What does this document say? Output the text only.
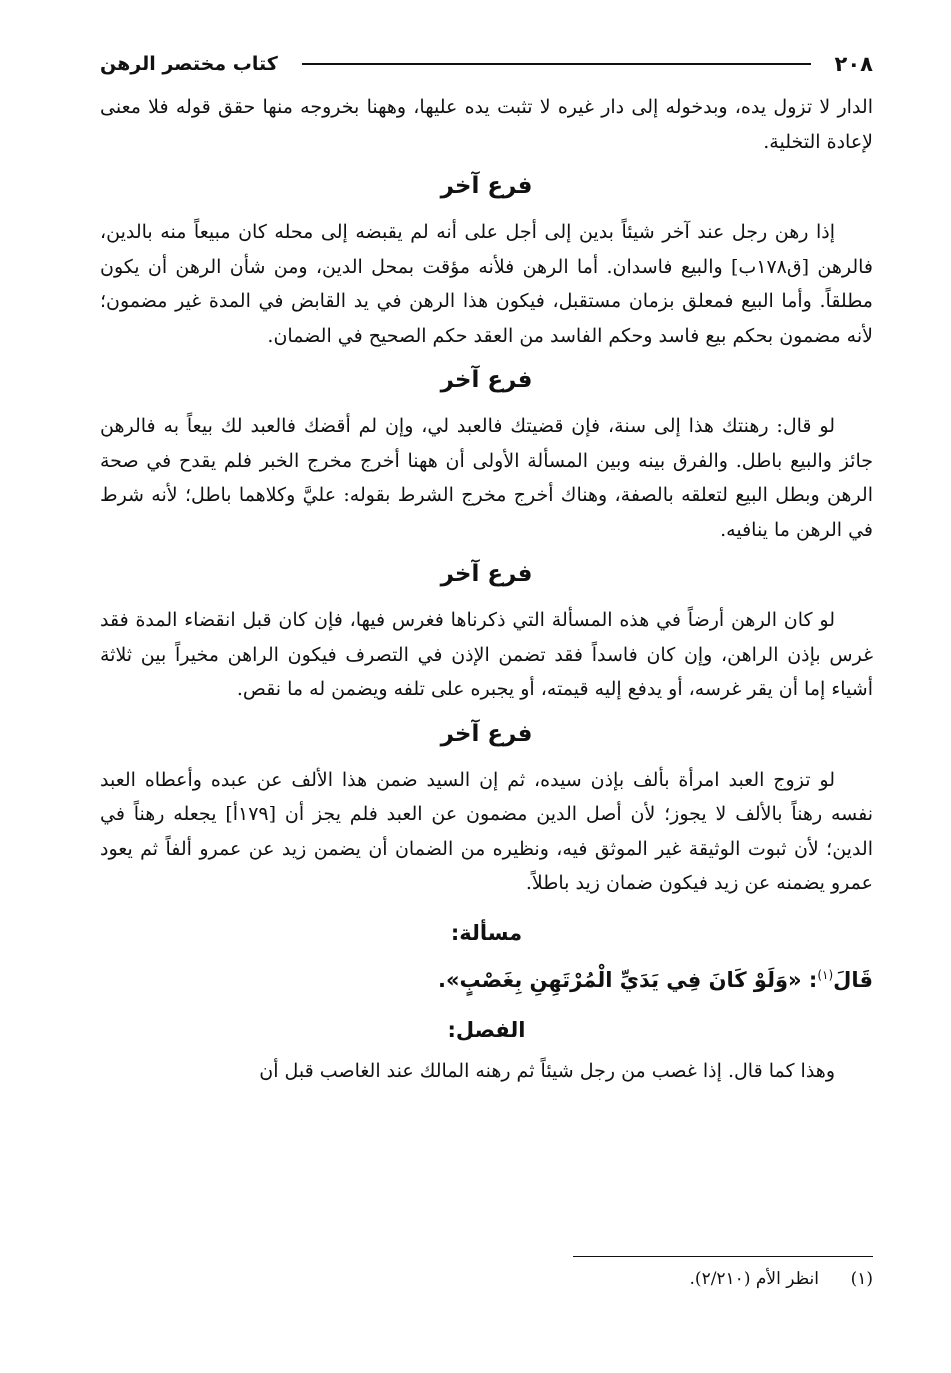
٢٠٨
كتاب مختصر الرهن

الدار لا تزول يده، وبدخوله إلى دار غيره لا تثبت يده عليها، وههنا بخروجه منها حقق قوله فلا معنى لإعادة التخلية.

فرع آخر

إذا رهن رجل عند آخر شيئاً بدين إلى أجل على أنه لم يقبضه إلى محله كان مبيعاً منه بالدين، فالرهن [ق١٧٨ب] والبيع فاسدان. أما الرهن فلأنه مؤقت بمحل الدين، ومن شأن الرهن أن يكون مطلقاً. وأما البيع فمعلق بزمان مستقبل، فيكون هذا الرهن في يد القابض في المدة غير مضمون؛ لأنه مضمون بحكم بيع فاسد وحكم الفاسد من العقد حكم الصحيح في الضمان.

فرع آخر

لو قال: رهنتك هذا إلى سنة، فإن قضيتك فالعبد لي، وإن لم أقضك فالعبد لك بيعاً به فالرهن جائز والبيع باطل. والفرق بينه وبين المسألة الأولى أن ههنا أخرج مخرج الخبر فلم يقدح في صحة الرهن وبطل البيع لتعلقه بالصفة، وهناك أخرج مخرج الشرط بقوله: عليَّ وكلاهما باطل؛ لأنه شرط في الرهن ما ينافيه.

فرع آخر

لو كان الرهن أرضاً في هذه المسألة التي ذكرناها فغرس فيها، فإن كان قبل انقضاء المدة فقد غرس بإذن الراهن، وإن كان فاسداً فقد تضمن الإذن في التصرف فيكون الراهن مخيراً بين ثلاثة أشياء إما أن يقر غرسه، أو يدفع إليه قيمته، أو يجبره على تلفه ويضمن له ما نقص.

فرع آخر

لو تزوج العبد امرأة بألف بإذن سيده، ثم إن السيد ضمن هذا الألف عن عبده وأعطاه العبد نفسه رهناً بالألف لا يجوز؛ لأن أصل الدين مضمون عن العبد فلم يجز أن [١٧٩أ] يجعله رهناً في الدين؛ لأن ثبوت الوثيقة غير الموثق فيه، ونظيره من الضمان أن يضمن زيد عن عمرو ألفاً ثم يعود عمرو يضمنه عن زيد فيكون ضمان زيد باطلاً.

مسألة:
قَالَ$^{(١)}$: «وَلَوْ كَانَ فِي يَدَيِّ الْمُرْتَهِنِ بِغَصْبٍ».
الفصل:

وهذا كما قال. إذا غصب من رجل شيئاً ثم رهنه المالك عند الغاصب قبل أن

(١)انظر الأم (٢/٢١٠).
